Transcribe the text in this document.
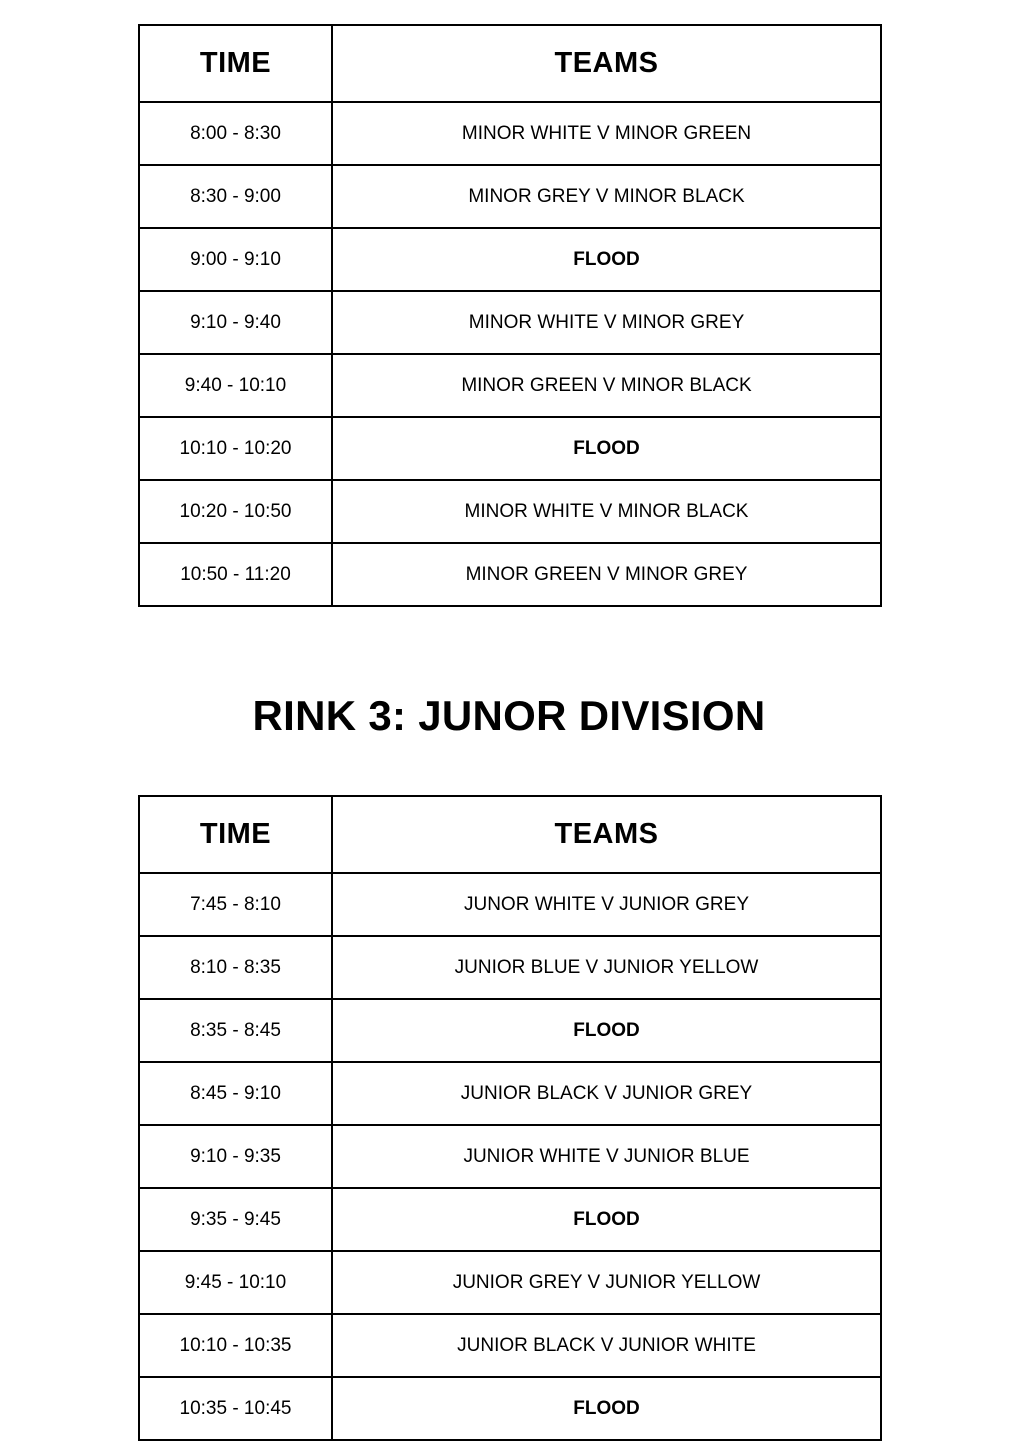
TIME	TEAMS
8:00 - 8:30	MINOR WHITE V MINOR GREEN
8:30 - 9:00	MINOR GREY V MINOR BLACK
9:00 - 9:10	FLOOD
9:10 - 9:40	MINOR WHITE V MINOR GREY
9:40 - 10:10	MINOR GREEN V MINOR BLACK
10:10 - 10:20	FLOOD
10:20 - 10:50	MINOR WHITE V MINOR BLACK
10:50 - 11:20	MINOR GREEN V MINOR GREY
RINK 3: JUNOR DIVISION
TIME	TEAMS
7:45 - 8:10	JUNOR WHITE V JUNIOR GREY
8:10 - 8:35	JUNIOR BLUE V JUNIOR YELLOW
8:35 - 8:45	FLOOD
8:45 - 9:10	JUNIOR BLACK V JUNIOR GREY
9:10 - 9:35	JUNIOR WHITE V JUNIOR BLUE
9:35 - 9:45	FLOOD
9:45 - 10:10	JUNIOR GREY V JUNIOR YELLOW
10:10 - 10:35	JUNIOR BLACK V JUNIOR WHITE
10:35 - 10:45	FLOOD
